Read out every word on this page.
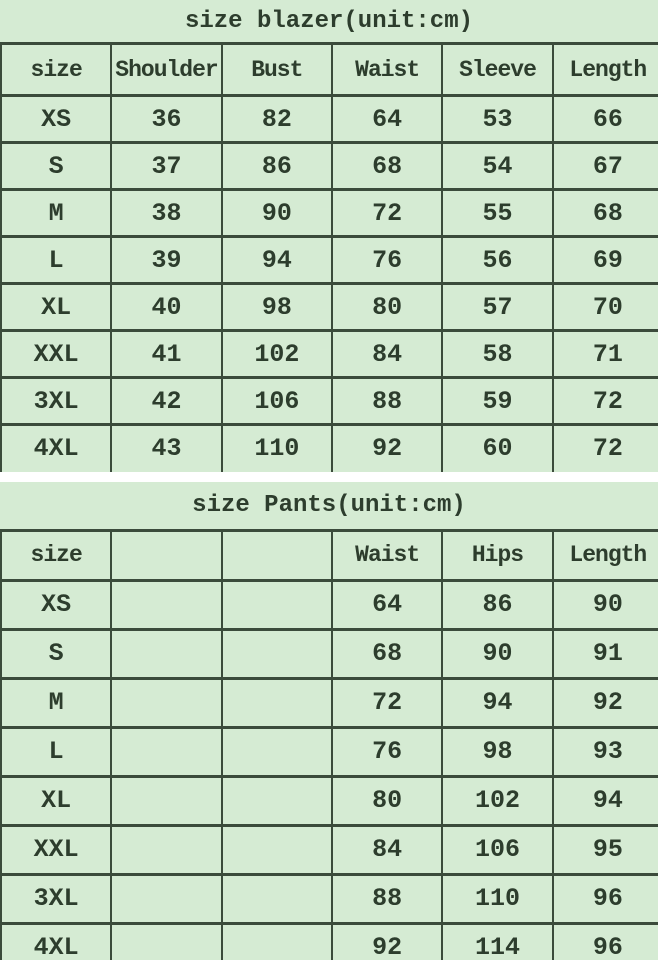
size blazer(unit:cm)
size	Shoulder	Bust	Waist	Sleeve	Length
XS	36	82	64	53	66
S	37	86	68	54	67
M	38	90	72	55	68
L	39	94	76	56	69
XL	40	98	80	57	70
XXL	41	102	84	58	71
3XL	42	106	88	59	72
4XL	43	110	92	60	72
size Pants(unit:cm)
size			Waist	Hips	Length
XS			64	86	90
S			68	90	91
M			72	94	92
L			76	98	93
XL			80	102	94
XXL			84	106	95
3XL			88	110	96
4XL			92	114	96
